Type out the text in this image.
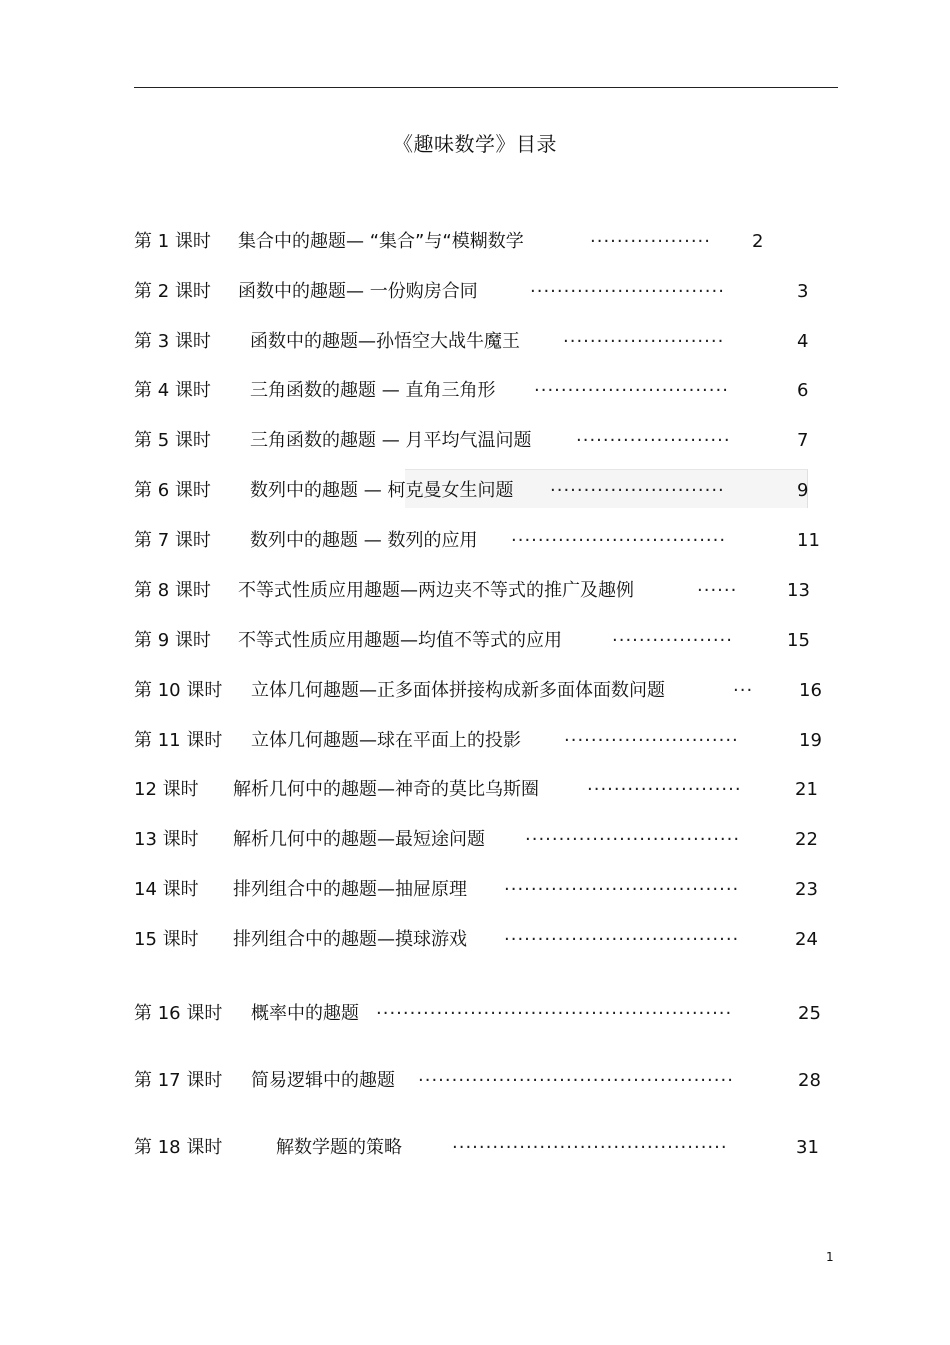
《趣味数学》目录
第 1 课时 集合中的趣题— “集合”与“模糊数学	·················· 2
第 2 课时 函数中的趣题— 一份购房合同	·····························	3
第 3 课时 函数中的趣题—孙悟空大战牛魔王 ························	4
第 4 课时 三角函数的趣题 — 直角三角形 ·····························	6
第 5 课时 三角函数的趣题 — 月平均气温问题 ·······················	7
第 6 课时 数列中的趣题 — 柯克曼女生问题 ··························	9
第 7 课时 数列中的趣题 — 数列的应用 ································	11
第 8 课时 不等式性质应用趣题—两边夹不等式的推广及趣例	······	13
第 9 课时 不等式性质应用趣题—均值不等式的应用	··················	15
第 10 课时 立体几何趣题—正多面体拼接构成新多面体面数问题	···	16
第 11 课时 立体几何趣题—球在平面上的投影 ··························	19
12 课时 解析几何中的趣题—神奇的莫比乌斯圈	·······················	21
13 课时 解析几何中的趣题—最短途问题 ································	22
14 课时 排列组合中的趣题—抽屉原理 ···································	23
15 课时 排列组合中的趣题—摸球游戏 ···································	24
第 16 课时 概率中的趣题 ·····················································	25
第 17 课时 简易逻辑中的趣题 ···············································	28
第 18 课时	解数学题的策略	·········································	31
1
